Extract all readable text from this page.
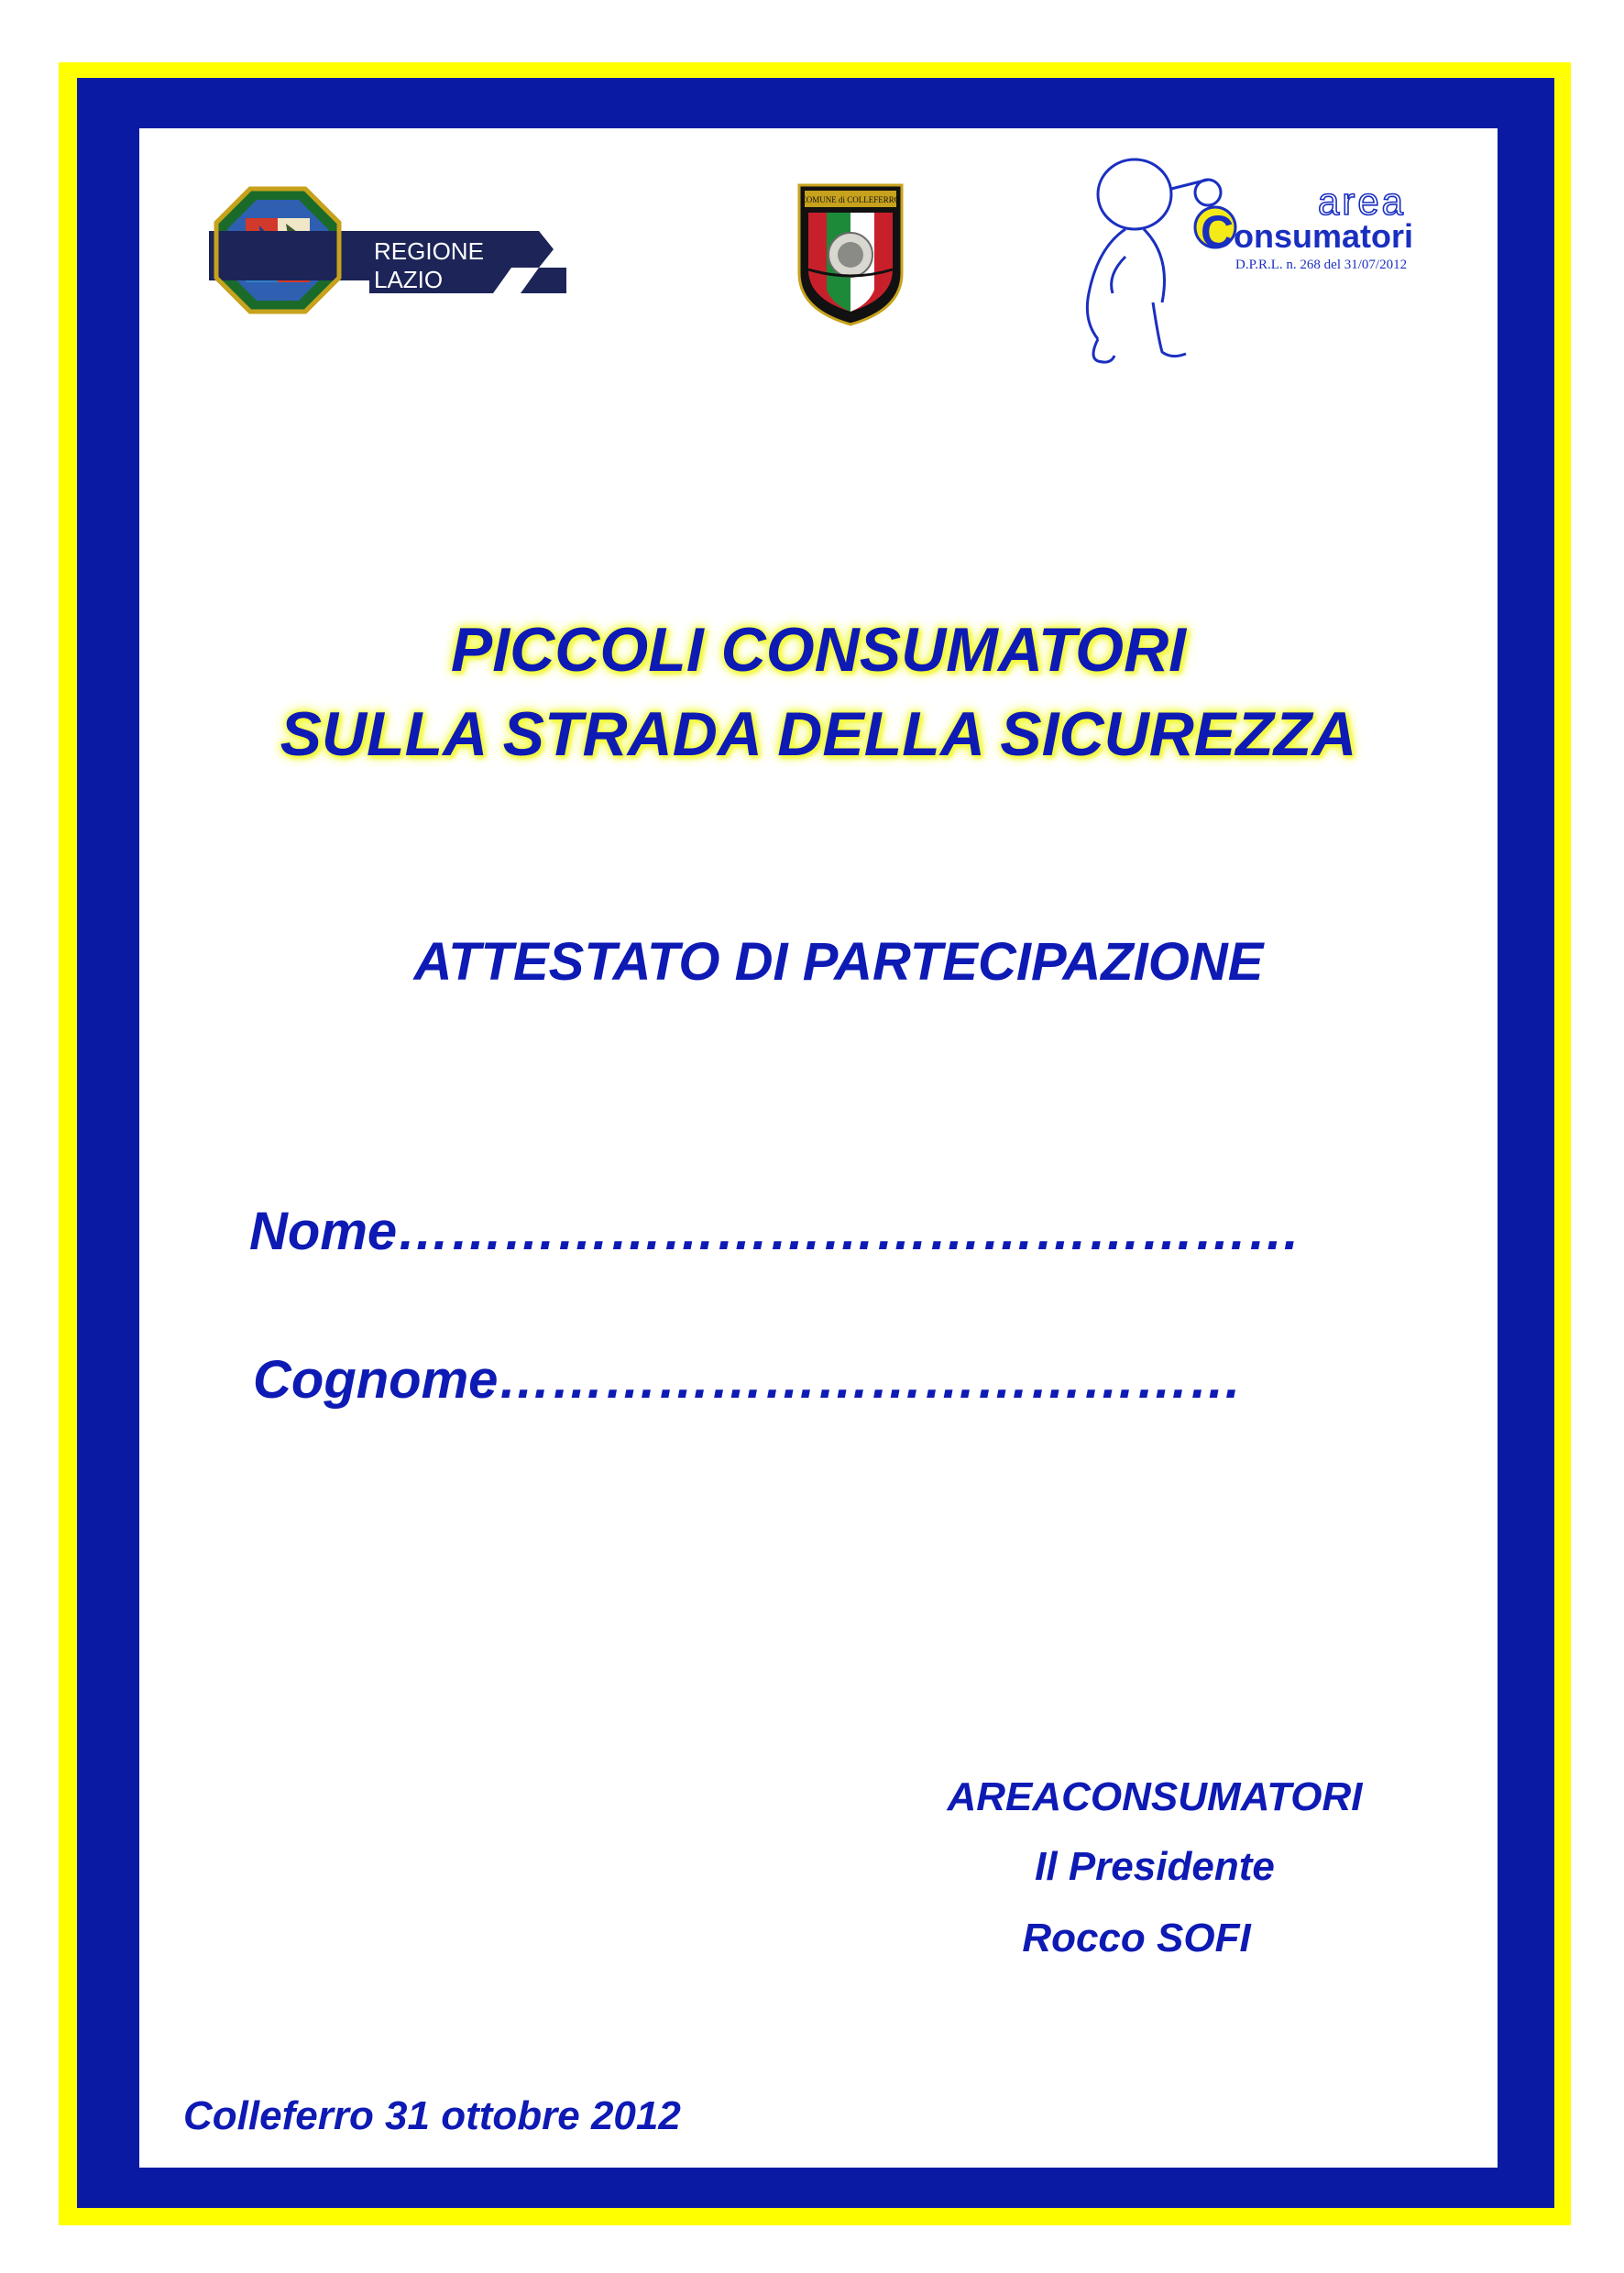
REGIONE
LAZIO
COMUNE di COLLEFERRO	area
C onsumatori
D.P.R.L. n. 268 del 31/07/2012
PICCOLI CONSUMATORI
SULLA STRADA DELLA SICUREZZA
ATTESTATO DI PARTECIPAZIONE
Nome……………………………………………
Cognome……………………………………
AREACONSUMATORI
Il Presidente
Rocco SOFI
Colleferro 31 ottobre 2012
